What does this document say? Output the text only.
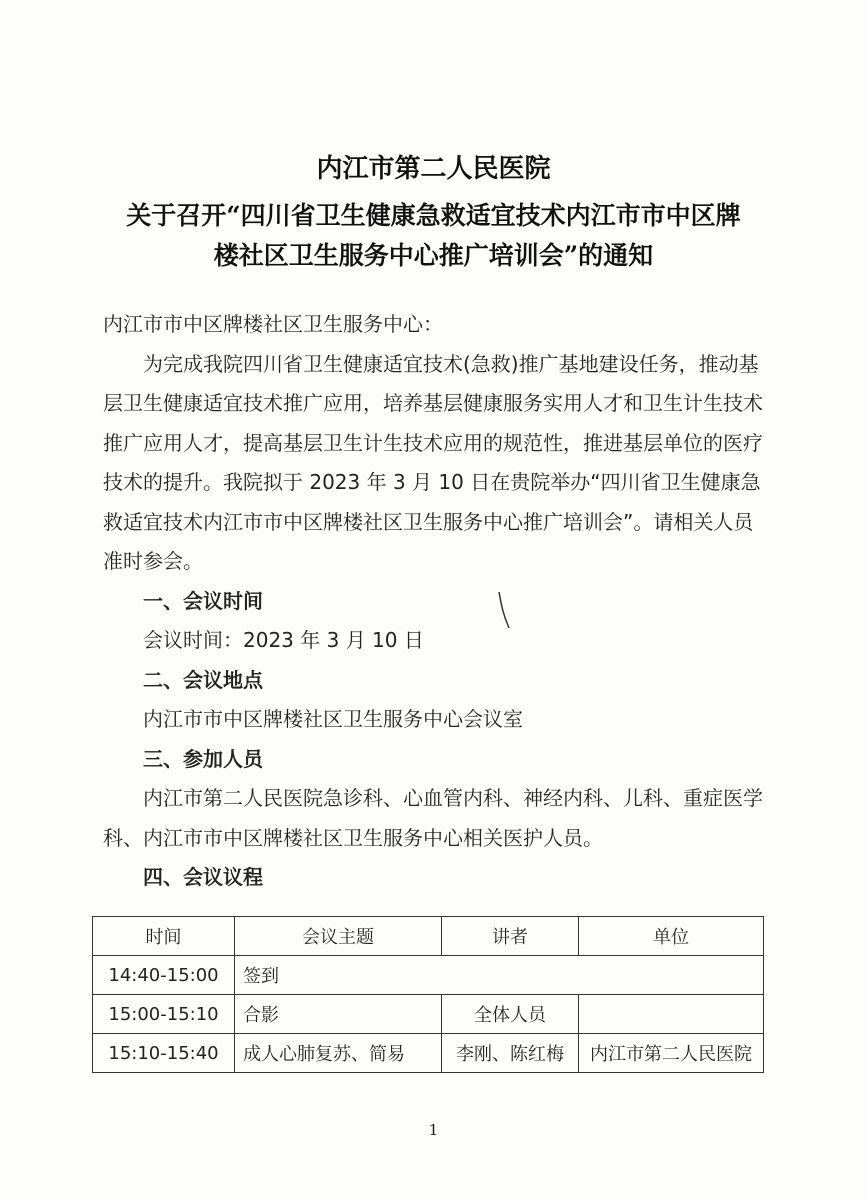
内江市第二人民医院
关于召开“四川省卫生健康急救适宜技术内江市市中区牌
楼社区卫生服务中心推广培训会”的通知

内江市市中区牌楼社区卫生服务中心：

为完成我院四川省卫生健康适宜技术(急救)推广基地建设任务，推动基层卫生健康适宜技术推广应用，培养基层健康服务实用人才和卫生计生技术推广应用人才，提高基层卫生计生技术应用的规范性，推进基层单位的医疗技术的提升。我院拟于 2023 年 3 月 10 日在贵院举办“四川省卫生健康急救适宜技术内江市市中区牌楼社区卫生服务中心推广培训会”。请相关人员准时参会。

一、会议时间

会议时间：2023 年 3 月 10 日

二、会议地点

内江市市中区牌楼社区卫生服务中心会议室

三、参加人员

内江市第二人民医院急诊科、心血管内科、神经内科、儿科、重症医学科、内江市市中区牌楼社区卫生服务中心相关医护人员。

四、会议议程

时间	会议主题	讲者	单位
14:40-15:00	签到		
15:00-15:10	合影	全体人员	
15:10-15:40	成人心肺复苏、简易	李刚、陈红梅	内江市第二人民医院
1
